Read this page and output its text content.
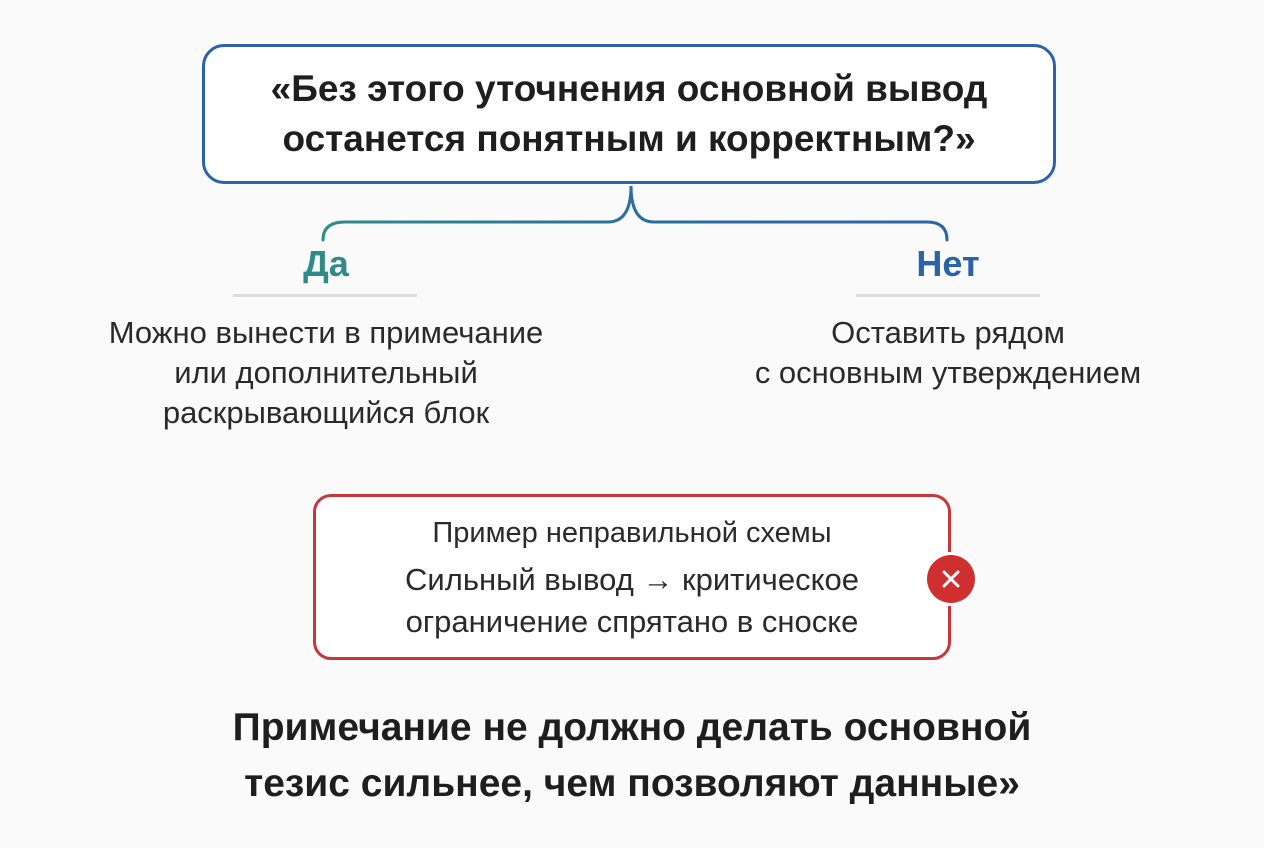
«Без этого уточнения основной вывод
останется понятным и корректным?»
Да
Можно вынести в примечание
или дополнительный
раскрывающийся блок
Нет
Оставить рядом
с основным утверждением
Пример неправильной схемы
Сильный вывод → критическое
ограничение спрятано в сноске
Примечание не должно делать основной
тезис сильнее, чем позволяют данные»
